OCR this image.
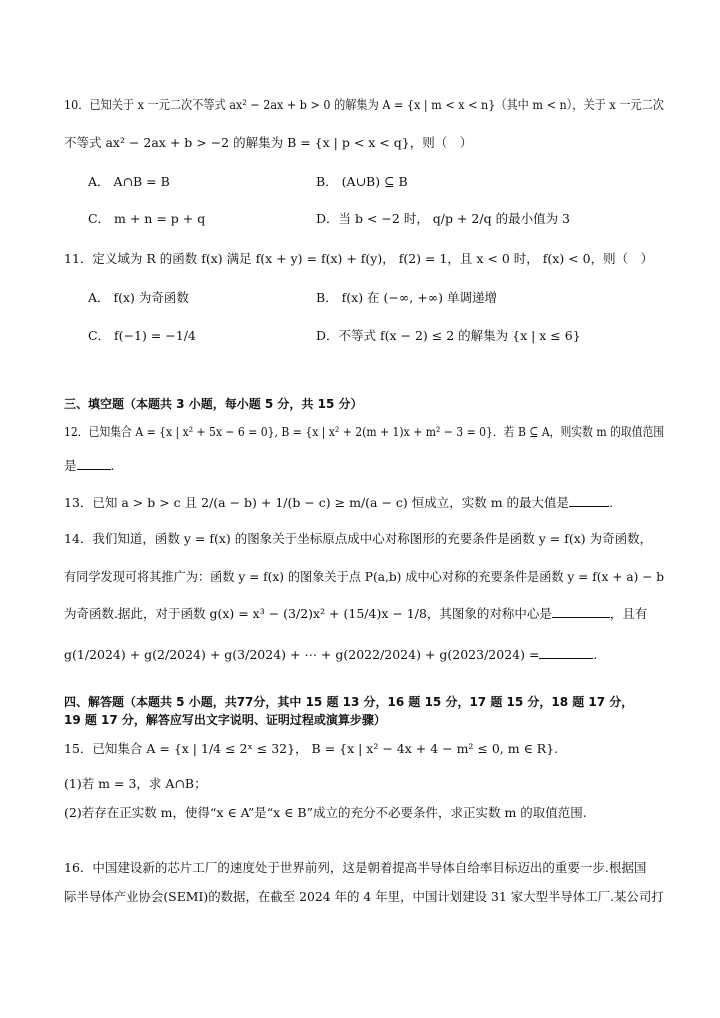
10．已知关于 x 一元二次不等式 ax² − 2ax + b > 0 的解集为 A = {x | m < x < n}（其中 m < n），关于 x 一元二次
不等式 ax² − 2ax + b > −2 的解集为 B = {x | p < x < q}，则（　）
A． A∩B = B	B． (A∪B) ⊆ B
C． m + n = p + q	D．当 b < −2 时， q/p + 2/q 的最小值为 3
11．定义域为 R 的函数 f(x) 满足 f(x + y) = f(x) + f(y)， f(2) = 1，且 x < 0 时， f(x) < 0，则（　）
A． f(x) 为奇函数	B． f(x) 在 (−∞, +∞) 单调递增
C． f(−1) = −1/4	D．不等式 f(x − 2) ≤ 2 的解集为 {x | x ≤ 6}
三、填空题（本题共 3 小题，每小题 5 分，共 15 分）
12．已知集合 A = {x | x² + 5x − 6 = 0}, B = {x | x² + 2(m + 1)x + m² − 3 = 0}．若 B ⊆ A，则实数 m 的取值范围
是	.
13．已知 a > b > c 且 2/(a − b) + 1/(b − c) ≥ m/(a − c) 恒成立，实数 m 的最大值是	.
14．我们知道，函数 y = f(x) 的图象关于坐标原点成中心对称图形的充要条件是函数 y = f(x) 为奇函数，
有同学发现可将其推广为：函数 y = f(x) 的图象关于点 P(a,b) 成中心对称的充要条件是函数 y = f(x + a) − b
为奇函数.据此，对于函数 g(x) = x³ − (3/2)x² + (15/4)x − 1/8，其图象的对称中心是	，且有
g(1/2024) + g(2/2024) + g(3/2024) + ⋯ + g(2022/2024) + g(2023/2024) =	.
四、解答题（本题共 5 小题，共77分，其中 15 题 13 分，16 题 15 分，17 题 15 分，18 题 17 分，
19 题 17 分，解答应写出文字说明、证明过程或演算步骤）
15．已知集合 A = {x | 1/4 ≤ 2ˣ ≤ 32}， B = {x | x² − 4x + 4 − m² ≤ 0, m ∈ R}.
(1)若 m = 3，求 A∩B；
(2)若存在正实数 m，使得“x ∈ A”是“x ∈ B”成立的充分不必要条件，求正实数 m 的取值范围.
16．中国建设新的芯片工厂的速度处于世界前列，这是朝着提高半导体自给率目标迈出的重要一步.根据国
际半导体产业协会(SEMI)的数据，在截至 2024 年的 4 年里，中国计划建设 31 家大型半导体工厂.某公司打
